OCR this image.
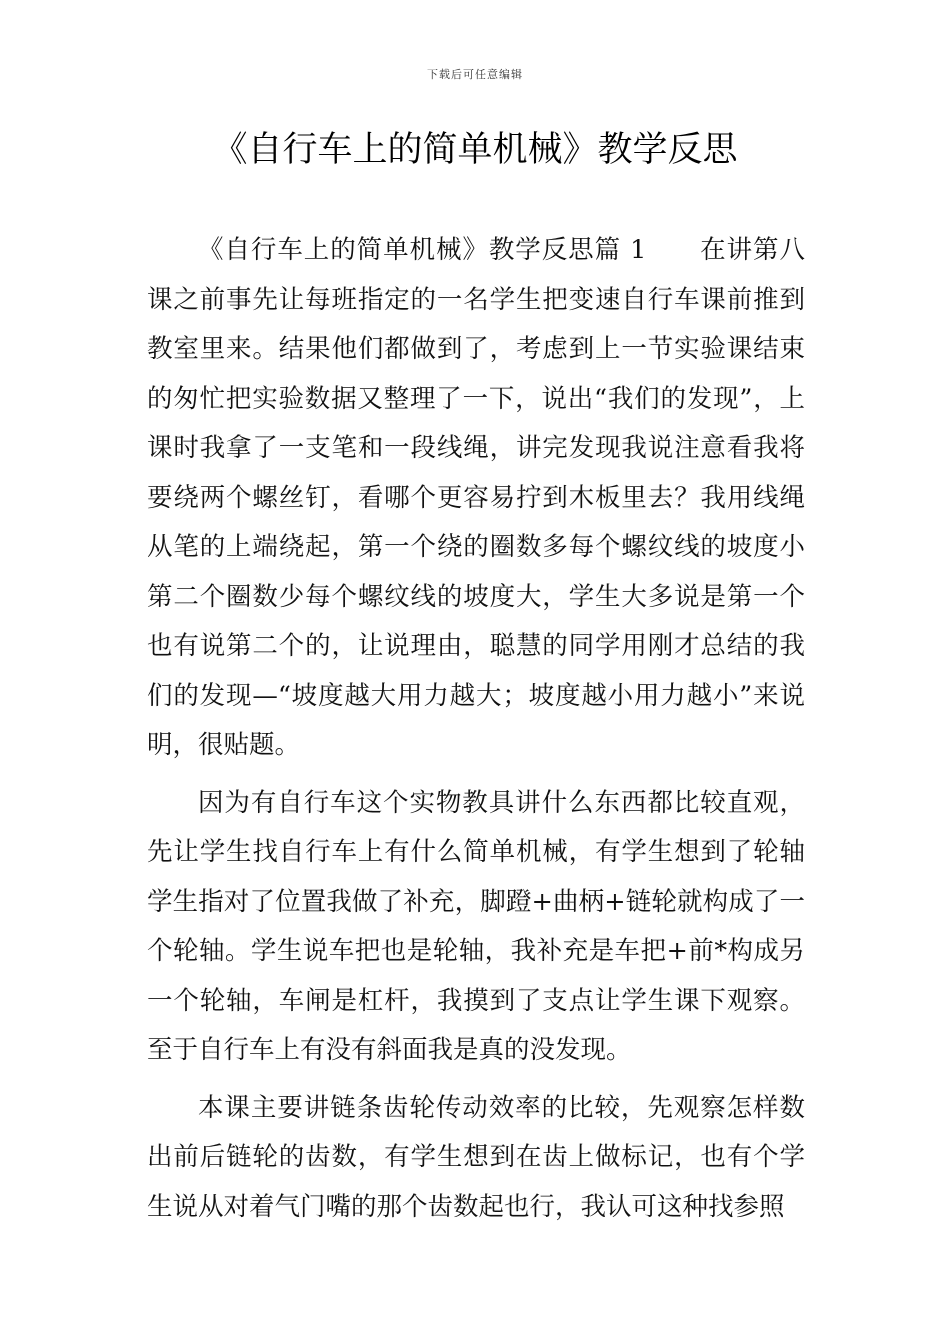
下载后可任意编辑
《自行车上的简单机械》教学反思

《自行车上的简单机械》教学反思篇 1　　在讲第八课之前事先让每班指定的一名学生把变速自行车课前推到教室里来。结果他们都做到了，考虑到上一节实验课结束的匆忙把实验数据又整理了一下，说出“我们的发现”，上课时我拿了一支笔和一段线绳，讲完发现我说注意看我将要绕两个螺丝钉，看哪个更容易拧到木板里去？我用线绳从笔的上端绕起，第一个绕的圈数多每个螺纹线的坡度小第二个圈数少每个螺纹线的坡度大，学生大多说是第一个也有说第二个的，让说理由，聪慧的同学用刚才总结的我们的发现—“坡度越大用力越大；坡度越小用力越小”来说明，很贴题。

因为有自行车这个实物教具讲什么东西都比较直观，先让学生找自行车上有什么简单机械，有学生想到了轮轴学生指对了位置我做了补充，脚蹬+曲柄+链轮就构成了一个轮轴。学生说车把也是轮轴，我补充是车把+前*构成另一个轮轴，车闸是杠杆，我摸到了支点让学生课下观察。至于自行车上有没有斜面我是真的没发现。

本课主要讲链条齿轮传动效率的比较，先观察怎样数出前后链轮的齿数，有学生想到在齿上做标记，也有个学生说从对着气门嘴的那个齿数起也行，我认可这种找参照
